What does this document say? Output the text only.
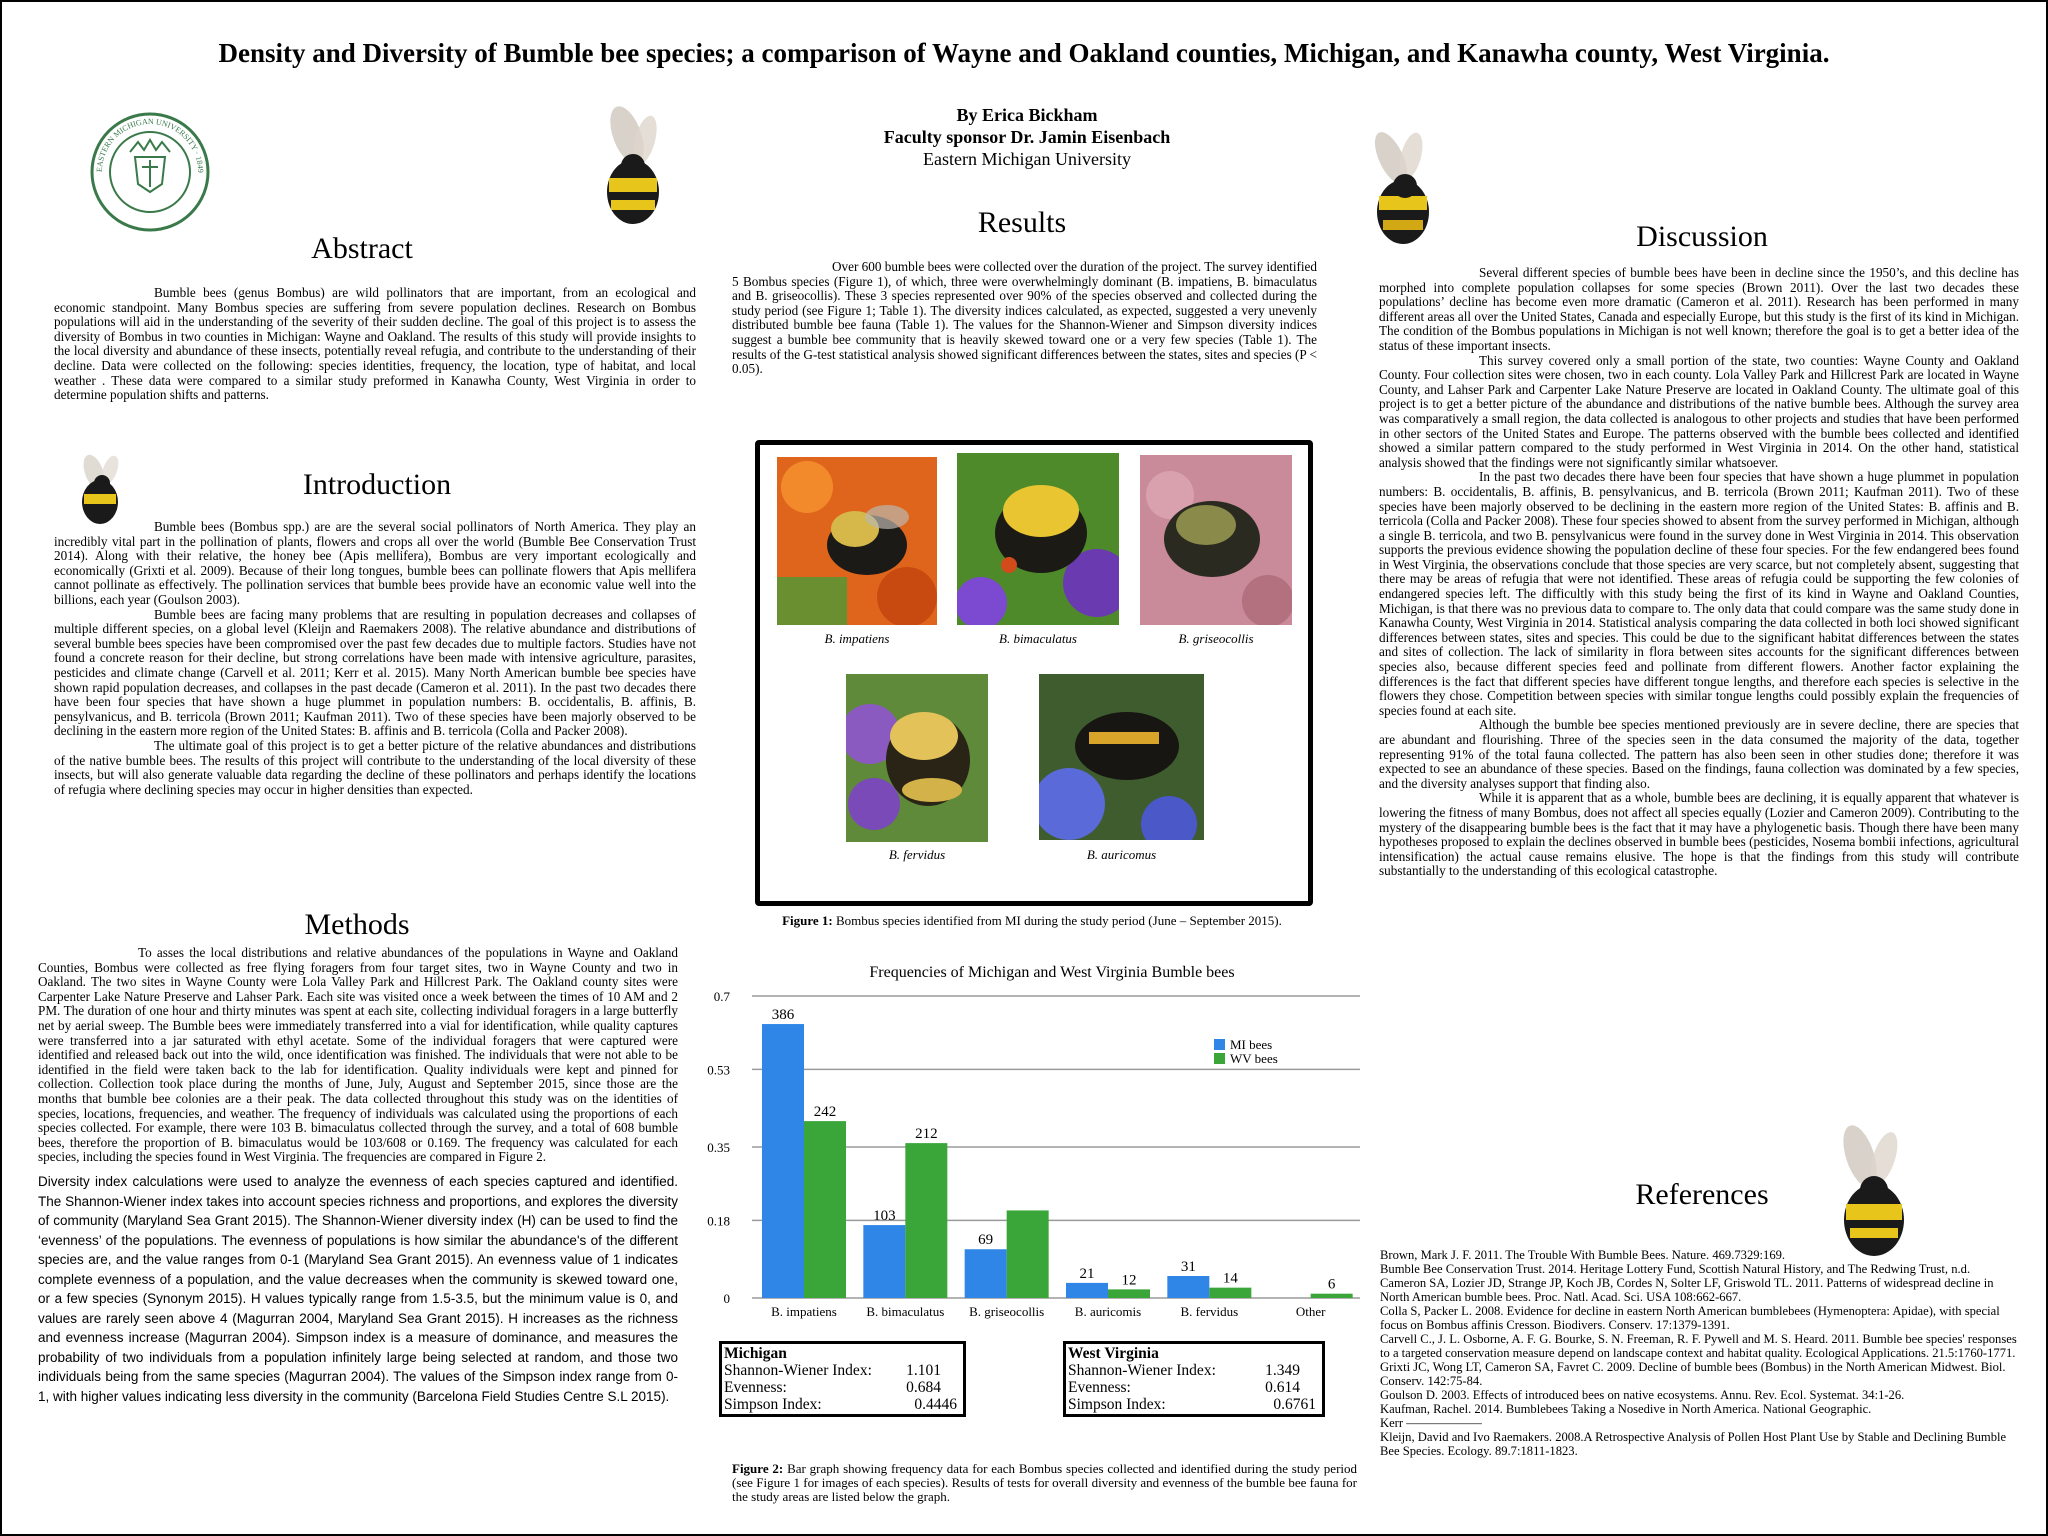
Density and Diversity of Bumble bee species; a comparison of Wayne and Oakland counties, Michigan, and Kanawha county, West Virginia.
By Erica Bickham
Faculty sponsor Dr. Jamin Eisenbach
Eastern Michigan University
EASTERN MICHIGAN UNIVERSITY · 1849
Abstract

Bumble bees (genus Bombus) are wild pollinators that are important, from an ecological and economic standpoint. Many Bombus species are suffering from severe population declines. Research on Bombus populations will aid in the understanding of the severity of their sudden decline. The goal of this project is to assess the diversity of Bombus in two counties in Michigan: Wayne and Oakland. The results of this study will provide insights to the local diversity and abundance of these insects, potentially reveal refugia, and contribute to the understanding of their decline. Data were collected on the following: species identities, frequency, the location, type of habitat, and local weather . These data were compared to a similar study preformed in Kanawha County, West Virginia in order to determine population shifts and patterns.

Introduction

Bumble bees (Bombus spp.) are are the several social pollinators of North America. They play an incredibly vital part in the pollination of plants, flowers and crops all over the world (Bumble Bee Conservation Trust 2014). Along with their relative, the honey bee (Apis mellifera), Bombus are very important ecologically and economically (Grixti et al. 2009). Because of their long tongues, bumble bees can pollinate flowers that Apis mellifera cannot pollinate as effectively. The pollination services that bumble bees provide have an economic value well into the billions, each year (Goulson 2003).

Bumble bees are facing many problems that are resulting in population decreases and collapses of multiple different species, on a global level (Kleijn and Raemakers 2008). The relative abundance and distributions of several bumble bees species have been compromised over the past few decades due to multiple factors. Studies have not found a concrete reason for their decline, but strong correlations have been made with intensive agriculture, parasites, pesticides and climate change (Carvell et al. 2011; Kerr et al. 2015). Many North American bumble bee species have shown rapid population decreases, and collapses in the past decade (Cameron et al. 2011). In the past two decades there have been four species that have shown a huge plummet in population numbers: B. occidentalis, B. affinis, B. pensylvanicus, and B. terricola (Brown 2011; Kaufman 2011). Two of these species have been majorly observed to be declining in the eastern more region of the United States: B. affinis and B. terricola (Colla and Packer 2008).

The ultimate goal of this project is to get a better picture of the relative abundances and distributions of the native bumble bees. The results of this project will contribute to the understanding of the local diversity of these insects, but will also generate valuable data regarding the decline of these pollinators and perhaps identify the locations of refugia where declining species may occur in higher densities than expected.

Methods

To asses the local distributions and relative abundances of the populations in Wayne and Oakland Counties, Bombus were collected as free flying foragers from four target sites, two in Wayne County and two in Oakland. The two sites in Wayne County were Lola Valley Park and Hillcrest Park. The Oakland county sites were Carpenter Lake Nature Preserve and Lahser Park. Each site was visited once a week between the times of 10 AM and 2 PM. The duration of one hour and thirty minutes was spent at each site, collecting individual foragers in a large butterfly net by aerial sweep. The Bumble bees were immediately transferred into a vial for identification, while quality captures were transferred into a jar saturated with ethyl acetate. Some of the individual foragers that were captured were identified and released back out into the wild, once identification was finished. The individuals that were not able to be identified in the field were taken back to the lab for identification. Quality individuals were kept and pinned for collection. Collection took place during the months of June, July, August and September 2015, since those are the months that bumble bee colonies are a their peak. The data collected throughout this study was on the identities of species, locations, frequencies, and weather. The frequency of individuals was calculated using the proportions of each species collected. For example, there were 103 B. bimaculatus collected through the survey, and a total of 608 bumble bees, therefore the proportion of B. bimaculatus would be 103/608 or 0.169. The frequency was calculated for each species, including the species found in West Virginia. The frequencies are compared in Figure 2.

Diversity index calculations were used to analyze the evenness of each species captured and identified. The Shannon-Wiener index takes into account species richness and proportions, and explores the diversity of community (Maryland Sea Grant 2015). The Shannon-Wiener diversity index (H) can be used to find the ‘evenness’ of the populations. The evenness of populations is how similar the abundance's of the different species are, and the value ranges from 0-1 (Maryland Sea Grant 2015). An evenness value of 1 indicates complete evenness of a population, and the value decreases when the community is skewed toward one, or a few species (Synonym 2015). H values typically range from 1.5-3.5, but the minimum value is 0, and values are rarely seen above 4 (Magurran 2004, Maryland Sea Grant 2015). H increases as the richness and evenness increase (Magurran 2004). Simpson index is a measure of dominance, and measures the probability of two individuals from a population infinitely large being selected at random, and those two individuals being from the same species (Magurran 2004). The values of the Simpson index range from 0-1, with higher values indicating less diversity in the community (Barcelona Field Studies Centre S.L 2015).
Results

Over 600 bumble bees were collected over the duration of the project. The survey identified 5 Bombus species (Figure 1), of which, three were overwhelmingly dominant (B. impatiens, B. bimaculatus and B. griseocollis). These 3 species represented over 90% of the species observed and collected during the study period (see Figure 1; Table 1). The diversity indices calculated, as expected, suggested a very unevenly distributed bumble bee fauna (Table 1). The values for the Shannon-Wiener and Simpson diversity indices suggest a bumble bee community that is heavily skewed toward one or a very few species (Table 1). The results of the G-test statistical analysis showed significant differences between the states, sites and species (P < 0.05).

B. impatiens	B. bimaculatus	B. griseocollis
B. fervidus	B. auricomus
Figure 1: Bombus species identified from MI during the study period (June – September 2015).
Frequencies of Michigan and West Virginia Bumble bees
0
0.18
0.35
0.53
0.7
386
242
103
212
69
21 12
31
14	6
B. impatiens B. bimaculatus B. griseocollis B. auricomis	B. fervidus	Other
MI bees
WV bees
Michigan
Shannon-Wiener Index: 1.101
Evenness:	0.684
Simpson Index:	0.4446
West Virginia
Shannon-Wiener Index:	1.349
Evenness:	0.614
Simpson Index:	0.6761
Figure 2: Bar graph showing frequency data for each Bombus species collected and identified during the study period (see Figure 1 for images of each species). Results of tests for overall diversity and evenness of the bumble bee fauna for the study areas are listed below the graph.
Discussion

Several different species of bumble bees have been in decline since the 1950’s, and this decline has morphed into complete population collapses for some species (Brown 2011). Over the last two decades these populations’ decline has become even more dramatic (Cameron et al. 2011). Research has been performed in many different areas all over the United States, Canada and especially Europe, but this study is the first of its kind in Michigan. The condition of the Bombus populations in Michigan is not well known; therefore the goal is to get a better idea of the status of these important insects.

This survey covered only a small portion of the state, two counties: Wayne County and Oakland County. Four collection sites were chosen, two in each county. Lola Valley Park and Hillcrest Park are located in Wayne County, and Lahser Park and Carpenter Lake Nature Preserve are located in Oakland County. The ultimate goal of this project is to get a better picture of the abundance and distributions of the native bumble bees. Although the survey area was comparatively a small region, the data collected is analogous to other projects and studies that have been performed in other sectors of the United States and Europe. The patterns observed with the bumble bees collected and identified showed a similar pattern compared to the study performed in West Virginia in 2014. On the other hand, statistical analysis showed that the findings were not significantly similar whatsoever.

In the past two decades there have been four species that have shown a huge plummet in population numbers: B. occidentalis, B. affinis, B. pensylvanicus, and B. terricola (Brown 2011; Kaufman 2011). Two of these species have been majorly observed to be declining in the eastern more region of the United States: B. affinis and B. terricola (Colla and Packer 2008). These four species showed to absent from the survey performed in Michigan, although a single B. terricola, and two B. pensylvanicus were found in the survey done in West Virginia in 2014. This observation supports the previous evidence showing the population decline of these four species. For the few endangered bees found in West Virginia, the observations conclude that those species are very scarce, but not completely absent, suggesting that there may be areas of refugia that were not identified. These areas of refugia could be supporting the few colonies of endangered species left. The difficultly with this study being the first of its kind in Wayne and Oakland Counties, Michigan, is that there was no previous data to compare to. The only data that could compare was the same study done in Kanawha County, West Virginia in 2014. Statistical analysis comparing the data collected in both loci showed significant differences between states, sites and species. This could be due to the significant habitat differences between the states and sites of collection. The lack of similarity in flora between sites accounts for the significant differences between species also, because different species feed and pollinate from different flowers. Another factor explaining the differences is the fact that different species have different tongue lengths, and therefore each species is selective in the flowers they chose. Competition between species with similar tongue lengths could possibly explain the frequencies of species found at each site.

Although the bumble bee species mentioned previously are in severe decline, there are species that are abundant and flourishing. Three of the species seen in the data consumed the majority of the data, together representing 91% of the total fauna collected. The pattern has also been seen in other studies done; therefore it was expected to see an abundance of these species. Based on the findings, fauna collection was dominated by a few species, and the diversity analyses support that finding also.

While it is apparent that as a whole, bumble bees are declining, it is equally apparent that whatever is lowering the fitness of many Bombus, does not affect all species equally (Lozier and Cameron 2009). Contributing to the mystery of the disappearing bumble bees is the fact that it may have a phylogenetic basis. Though there have been many hypotheses proposed to explain the declines observed in bumble bees (pesticides, Nosema bombii infections, agricultural intensification) the actual cause remains elusive. The hope is that the findings from this study will contribute substantially to the understanding of this ecological catastrophe.

References

Brown, Mark J. F. 2011. The Trouble With Bumble Bees. Nature. 469.7329:169.

Bumble Bee Conservation Trust. 2014. Heritage Lottery Fund, Scottish Natural History, and The Redwing Trust, n.d.

Cameron SA, Lozier JD, Strange JP, Koch JB, Cordes N, Solter LF, Griswold TL. 2011. Patterns of widespread decline in North American bumble bees. Proc. Natl. Acad. Sci. USA 108:662-667.

Colla S, Packer L. 2008. Evidence for decline in eastern North American bumblebees (Hymenoptera: Apidae), with special focus on Bombus affinis Cresson. Biodivers. Conserv. 17:1379-1391.

Carvell C., J. L. Osborne, A. F. G. Bourke, S. N. Freeman, R. F. Pywell and M. S. Heard. 2011. Bumble bee species' responses to a targeted conservation measure depend on landscape context and habitat quality. Ecological Applications. 21.5:1760-1771.

Grixti JC, Wong LT, Cameron SA, Favret C. 2009. Decline of bumble bees (Bombus) in the North American Midwest. Biol. Conserv. 142:75-84.

Goulson D. 2003. Effects of introduced bees on native ecosystems. Annu. Rev. Ecol. Systemat. 34:1-26.

Kaufman, Rachel. 2014. Bumblebees Taking a Nosedive in North America. National Geographic.

Kerr ——————

Kleijn, David and Ivo Raemakers. 2008.A Retrospective Analysis of Pollen Host Plant Use by Stable and Declining Bumble Bee Species. Ecology. 89.7:1811-1823.
